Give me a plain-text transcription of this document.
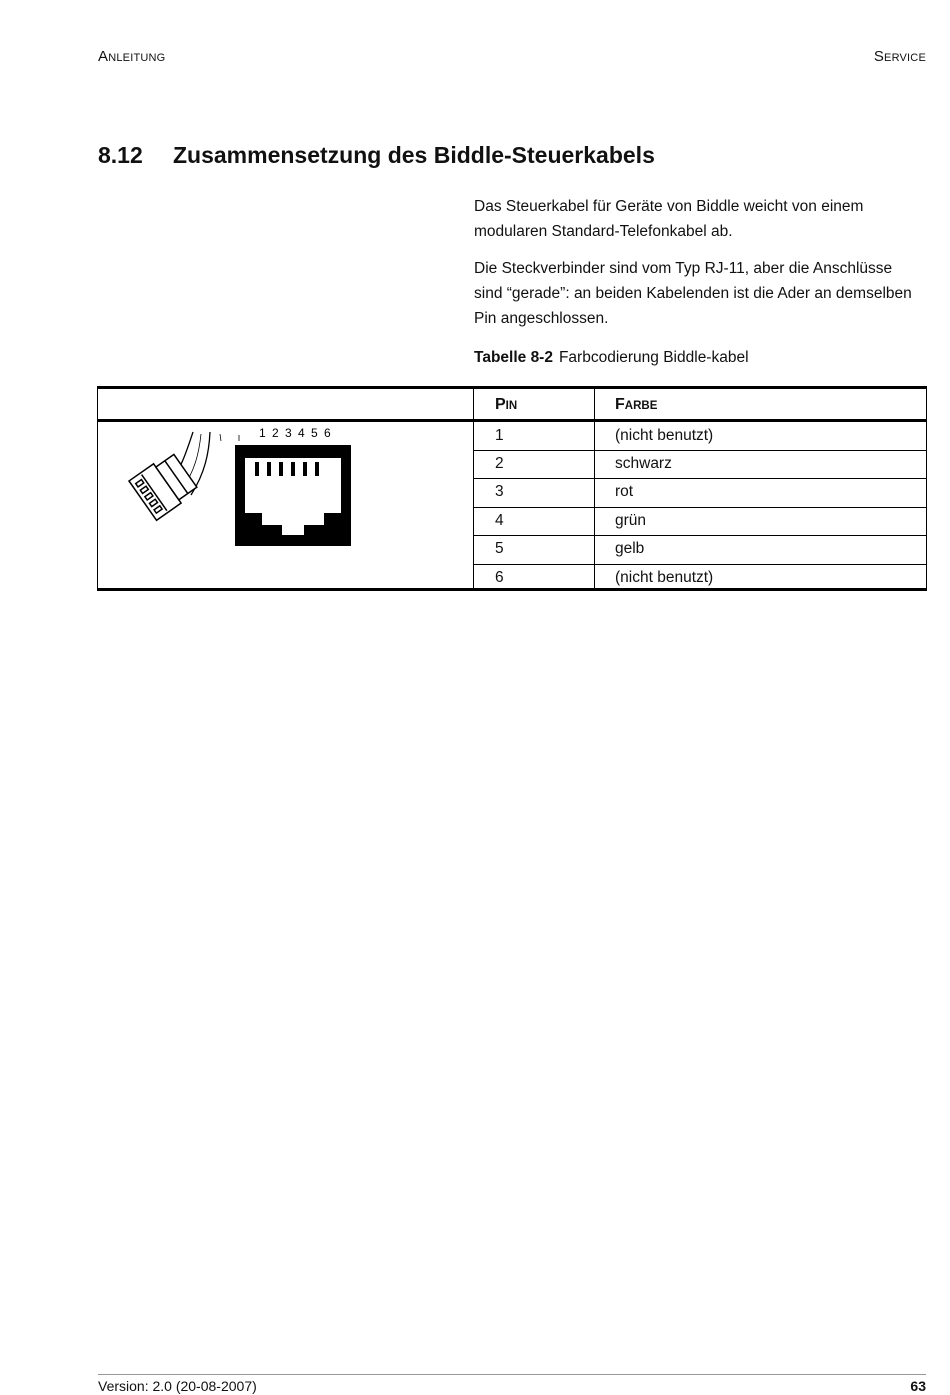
ANLEITUNG	SERVICE
8.12 Zusammensetzung des Biddle-Steuerkabels

Das Steuerkabel für Geräte von Biddle weicht von einem modularen Standard-Telefonkabel ab.

Die Steckverbinder sind vom Typ RJ-11, aber die Anschlüsse sind “gerade”: an beiden Kabelenden ist die Ader an demselben Pin angeschlossen.

Tabelle 8-2 Farbcodierung Biddle-kabel
PIN	FARBE
1	(nicht benutzt)
2	schwarz
3	rot
4	grün
5	gelb
6	(nicht benutzt)
1 2 3 4 5 6
Version: 2.0 (20-08-2007)	63
